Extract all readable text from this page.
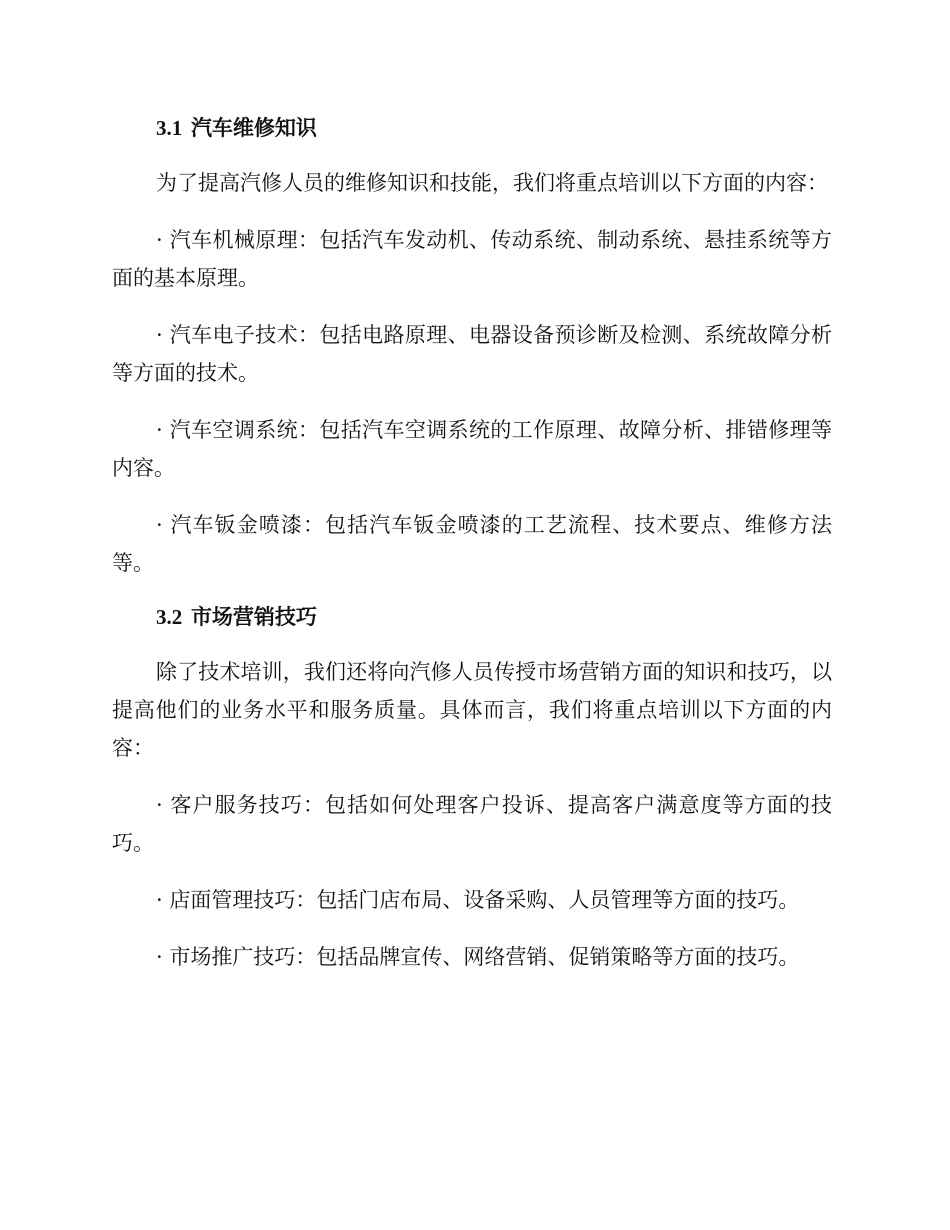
3.1 汽车维修知识

为了提高汽修人员的维修知识和技能，我们将重点培训以下方面的内容：

· 汽车机械原理：包括汽车发动机、传动系统、制动系统、悬挂系统等方面的基本原理。

· 汽车电子技术：包括电路原理、电器设备预诊断及检测、系统故障分析等方面的技术。

· 汽车空调系统：包括汽车空调系统的工作原理、故障分析、排错修理等内容。

· 汽车钣金喷漆：包括汽车钣金喷漆的工艺流程、技术要点、维修方法等。

3.2 市场营销技巧

除了技术培训，我们还将向汽修人员传授市场营销方面的知识和技巧，以提高他们的业务水平和服务质量。具体而言，我们将重点培训以下方面的内容：

· 客户服务技巧：包括如何处理客户投诉、提高客户满意度等方面的技巧。

· 店面管理技巧：包括门店布局、设备采购、人员管理等方面的技巧。

· 市场推广技巧：包括品牌宣传、网络营销、促销策略等方面的技巧。
